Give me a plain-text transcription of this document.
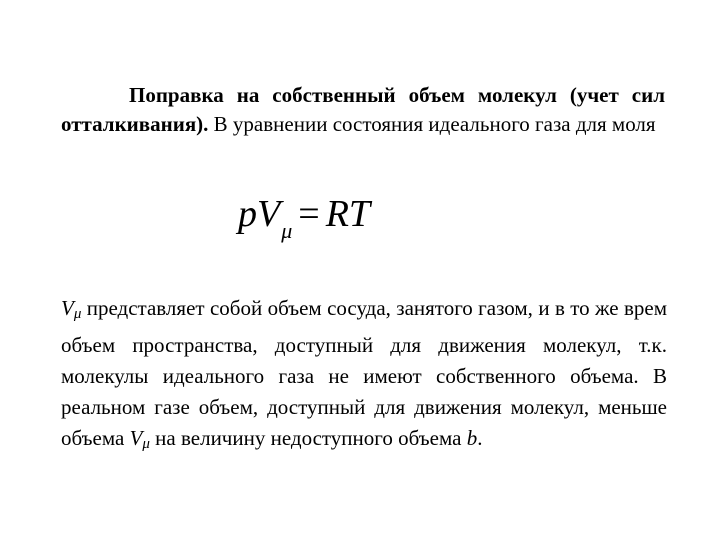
Поправка на собственный объем молекул (учет сил отталкивания). В уравнении состояния идеального газа для моля

$pV_\mu$ = RT

$V_\mu$ представляет собой объем сосуда, занятого газом, и в то же врем объем пространства, доступный для движения молекул, т.к. молекулы идеального газа не имеют собственного объема. В реальном газе объем, доступный для движения молекул, меньше объема $V_\mu$ на величину недоступного объема b.
